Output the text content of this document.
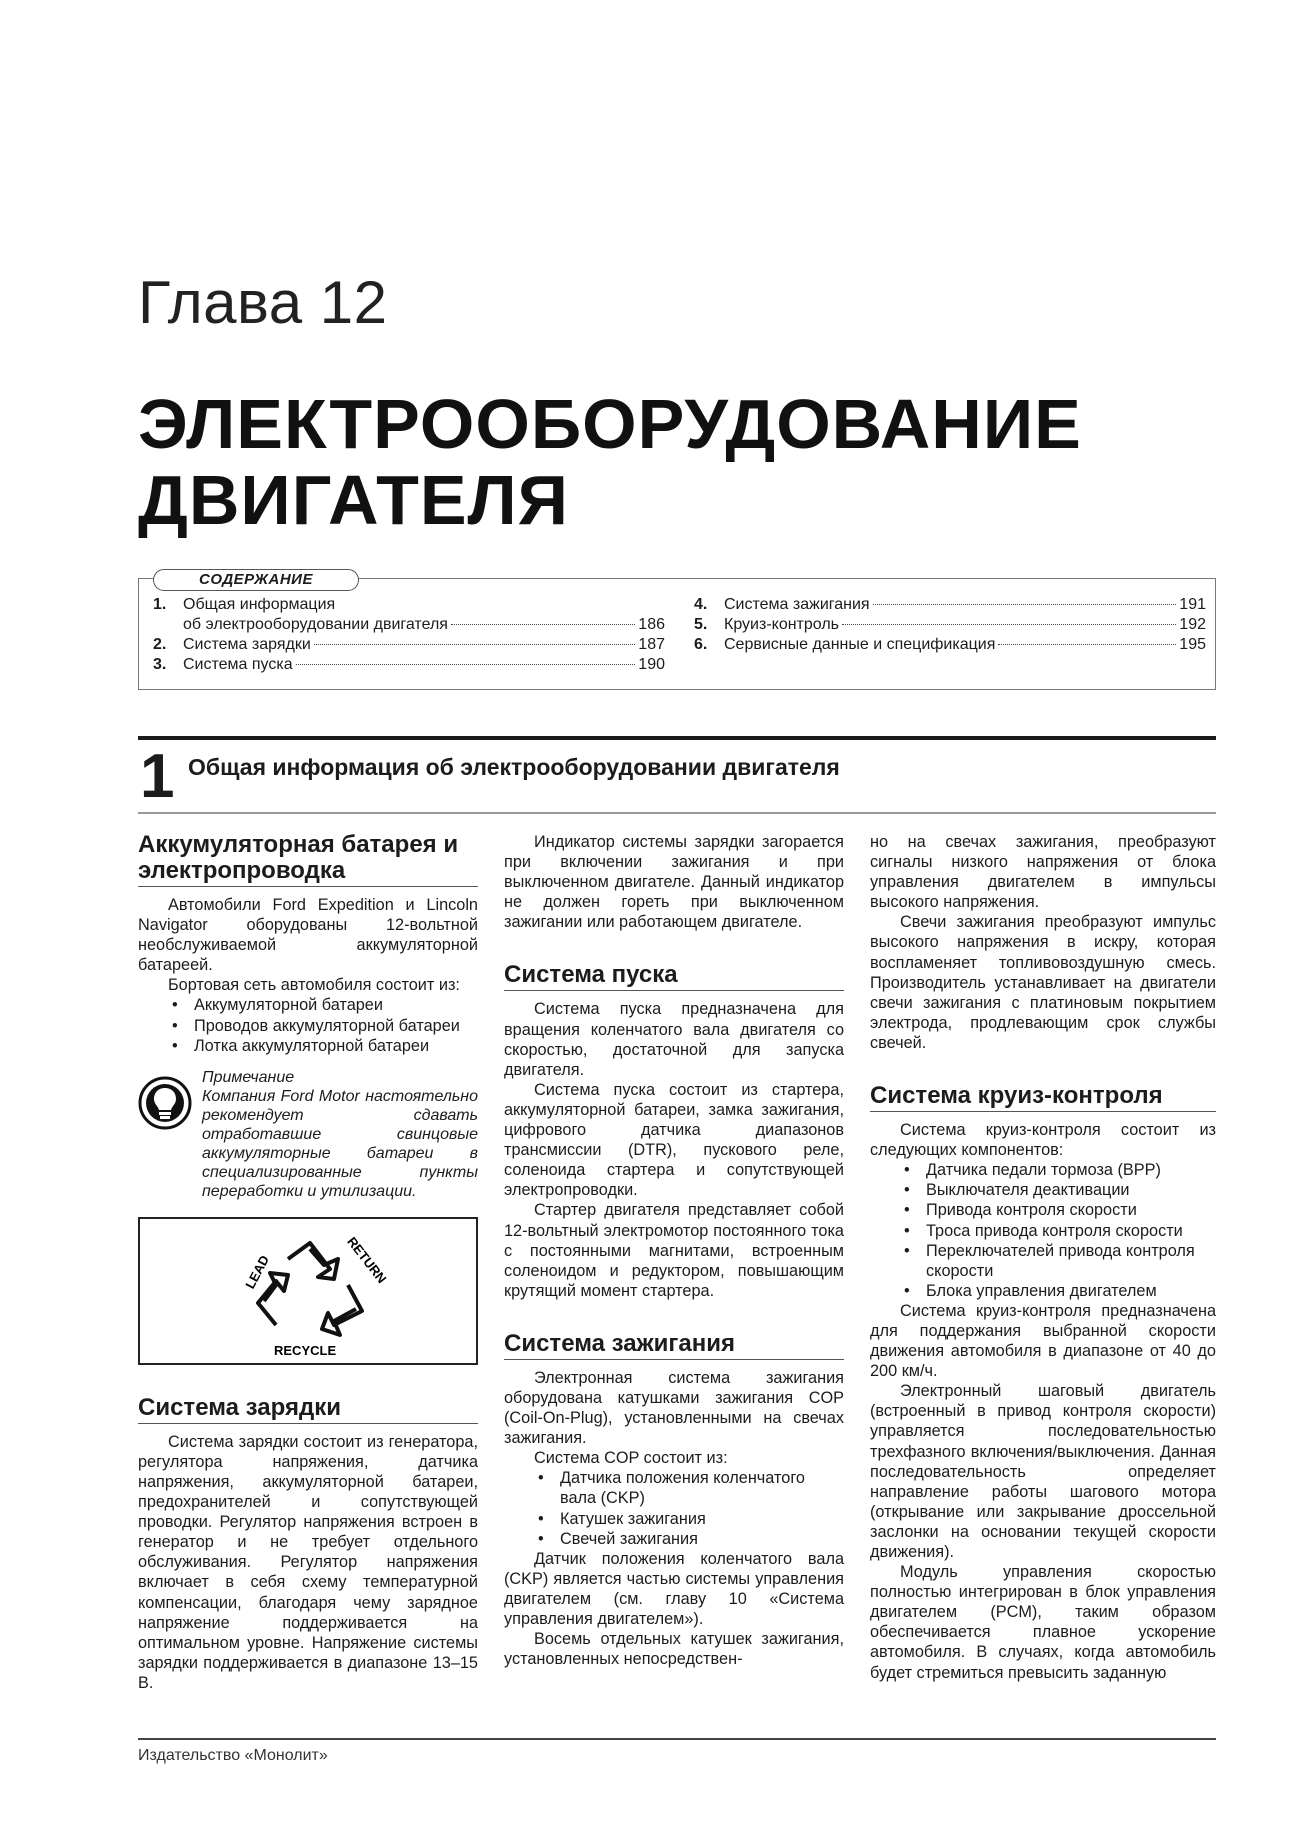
Глава 12
ЭЛЕКТРООБОРУДОВАНИЕ
ДВИГАТЕЛЯ
СОДЕРЖАНИЕ
1.	Общая информация
об электрооборудовании двигателя	186
2.	Система зарядки	187
3.	Система пуска	190
4.	Система зажигания	191
5.	Круиз-контроль	192
6.	Сервисные данные и спецификация	195
1 Общая информация об электрооборудовании двигателя
Аккумуляторная батарея и электропроводка

Автомобили Ford Expedition и Lincoln Navigator оборудованы 12-вольтной необслуживаемой аккумуляторной батареей.

Бортовая сеть автомобиля состоит из:

• Аккумуляторной батареи
• Проводов аккумуляторной батареи
• Лотка аккумуляторной батареи
Примечание
Компания Ford Motor настоятельно рекомендует сдавать отработавшие свинцовые аккумуляторные батареи в специализированные пункты переработки и утилизации.
LEAD	RETURN
RECYCLE
Система зарядки

Система зарядки состоит из генератора, регулятора напряжения, датчика напряжения, аккумуляторной батареи, предохранителей и сопутствующей проводки. Регулятор напряжения встроен в генератор и не требует отдельного обслуживания. Регулятор напряжения включает в себя схему температурной компенсации, благодаря чему зарядное напряжение поддерживается на оптимальном уровне. Напряжение системы зарядки поддерживается в диапазоне 13–15 В.

Индикатор системы зарядки загорается при включении зажигания и при выключенном двигателе. Данный индикатор не должен гореть при выключенном зажигании или работающем двигателе.

Система пуска

Система пуска предназначена для вращения коленчатого вала двигателя со скоростью, достаточной для запуска двигателя.

Система пуска состоит из стартера, аккумуляторной батареи, замка зажигания, цифрового датчика диапазонов трансмиссии (DTR), пускового реле, соленоида стартера и сопутствующей электропроводки.

Стартер двигателя представляет собой 12-вольтный электромотор постоянного тока с постоянными магнитами, встроенным соленоидом и редуктором, повышающим крутящий момент стартера.

Система зажигания

Электронная система зажигания оборудована катушками зажигания COP (Coil-On-Plug), установленными на свечах зажигания.

Система COP состоит из:

• Датчика положения коленчатого вала (CKP)
• Катушек зажигания
• Свечей зажигания

Датчик положения коленчатого вала (CKP) является частью системы управления двигателем (см. главу 10 «Система управления двигателем»).

Восемь отдельных катушек зажигания, установленных непосредствен-

но на свечах зажигания, преобразуют сигналы низкого напряжения от блока управления двигателем в импульсы высокого напряжения.

Свечи зажигания преобразуют импульс высокого напряжения в искру, которая воспламеняет топливовоздушную смесь. Производитель устанавливает на двигатели свечи зажигания с платиновым покрытием электрода, продлевающим срок службы свечей.

Система круиз-контроля

Система круиз-контроля состоит из следующих компонентов:

• Датчика педали тормоза (BPP)
• Выключателя деактивации
• Привода контроля скорости
• Троса привода контроля скорости
• Переключателей привода контроля скорости
• Блока управления двигателем

Система круиз-контроля предназначена для поддержания выбранной скорости движения автомобиля в диапазоне от 40 до 200 км/ч.

Электронный шаговый двигатель (встроенный в привод контроля скорости) управляется последовательностью трехфазного включения/выключения. Данная последовательность определяет направление работы шагового мотора (открывание или закрывание дроссельной заслонки на основании текущей скорости движения).

Модуль управления скоростью полностью интегрирован в блок управления двигателем (PCM), таким образом обеспечивается плавное ускорение автомобиля. В случаях, когда автомобиль будет стремиться превысить заданную

Издательство «Монолит»
